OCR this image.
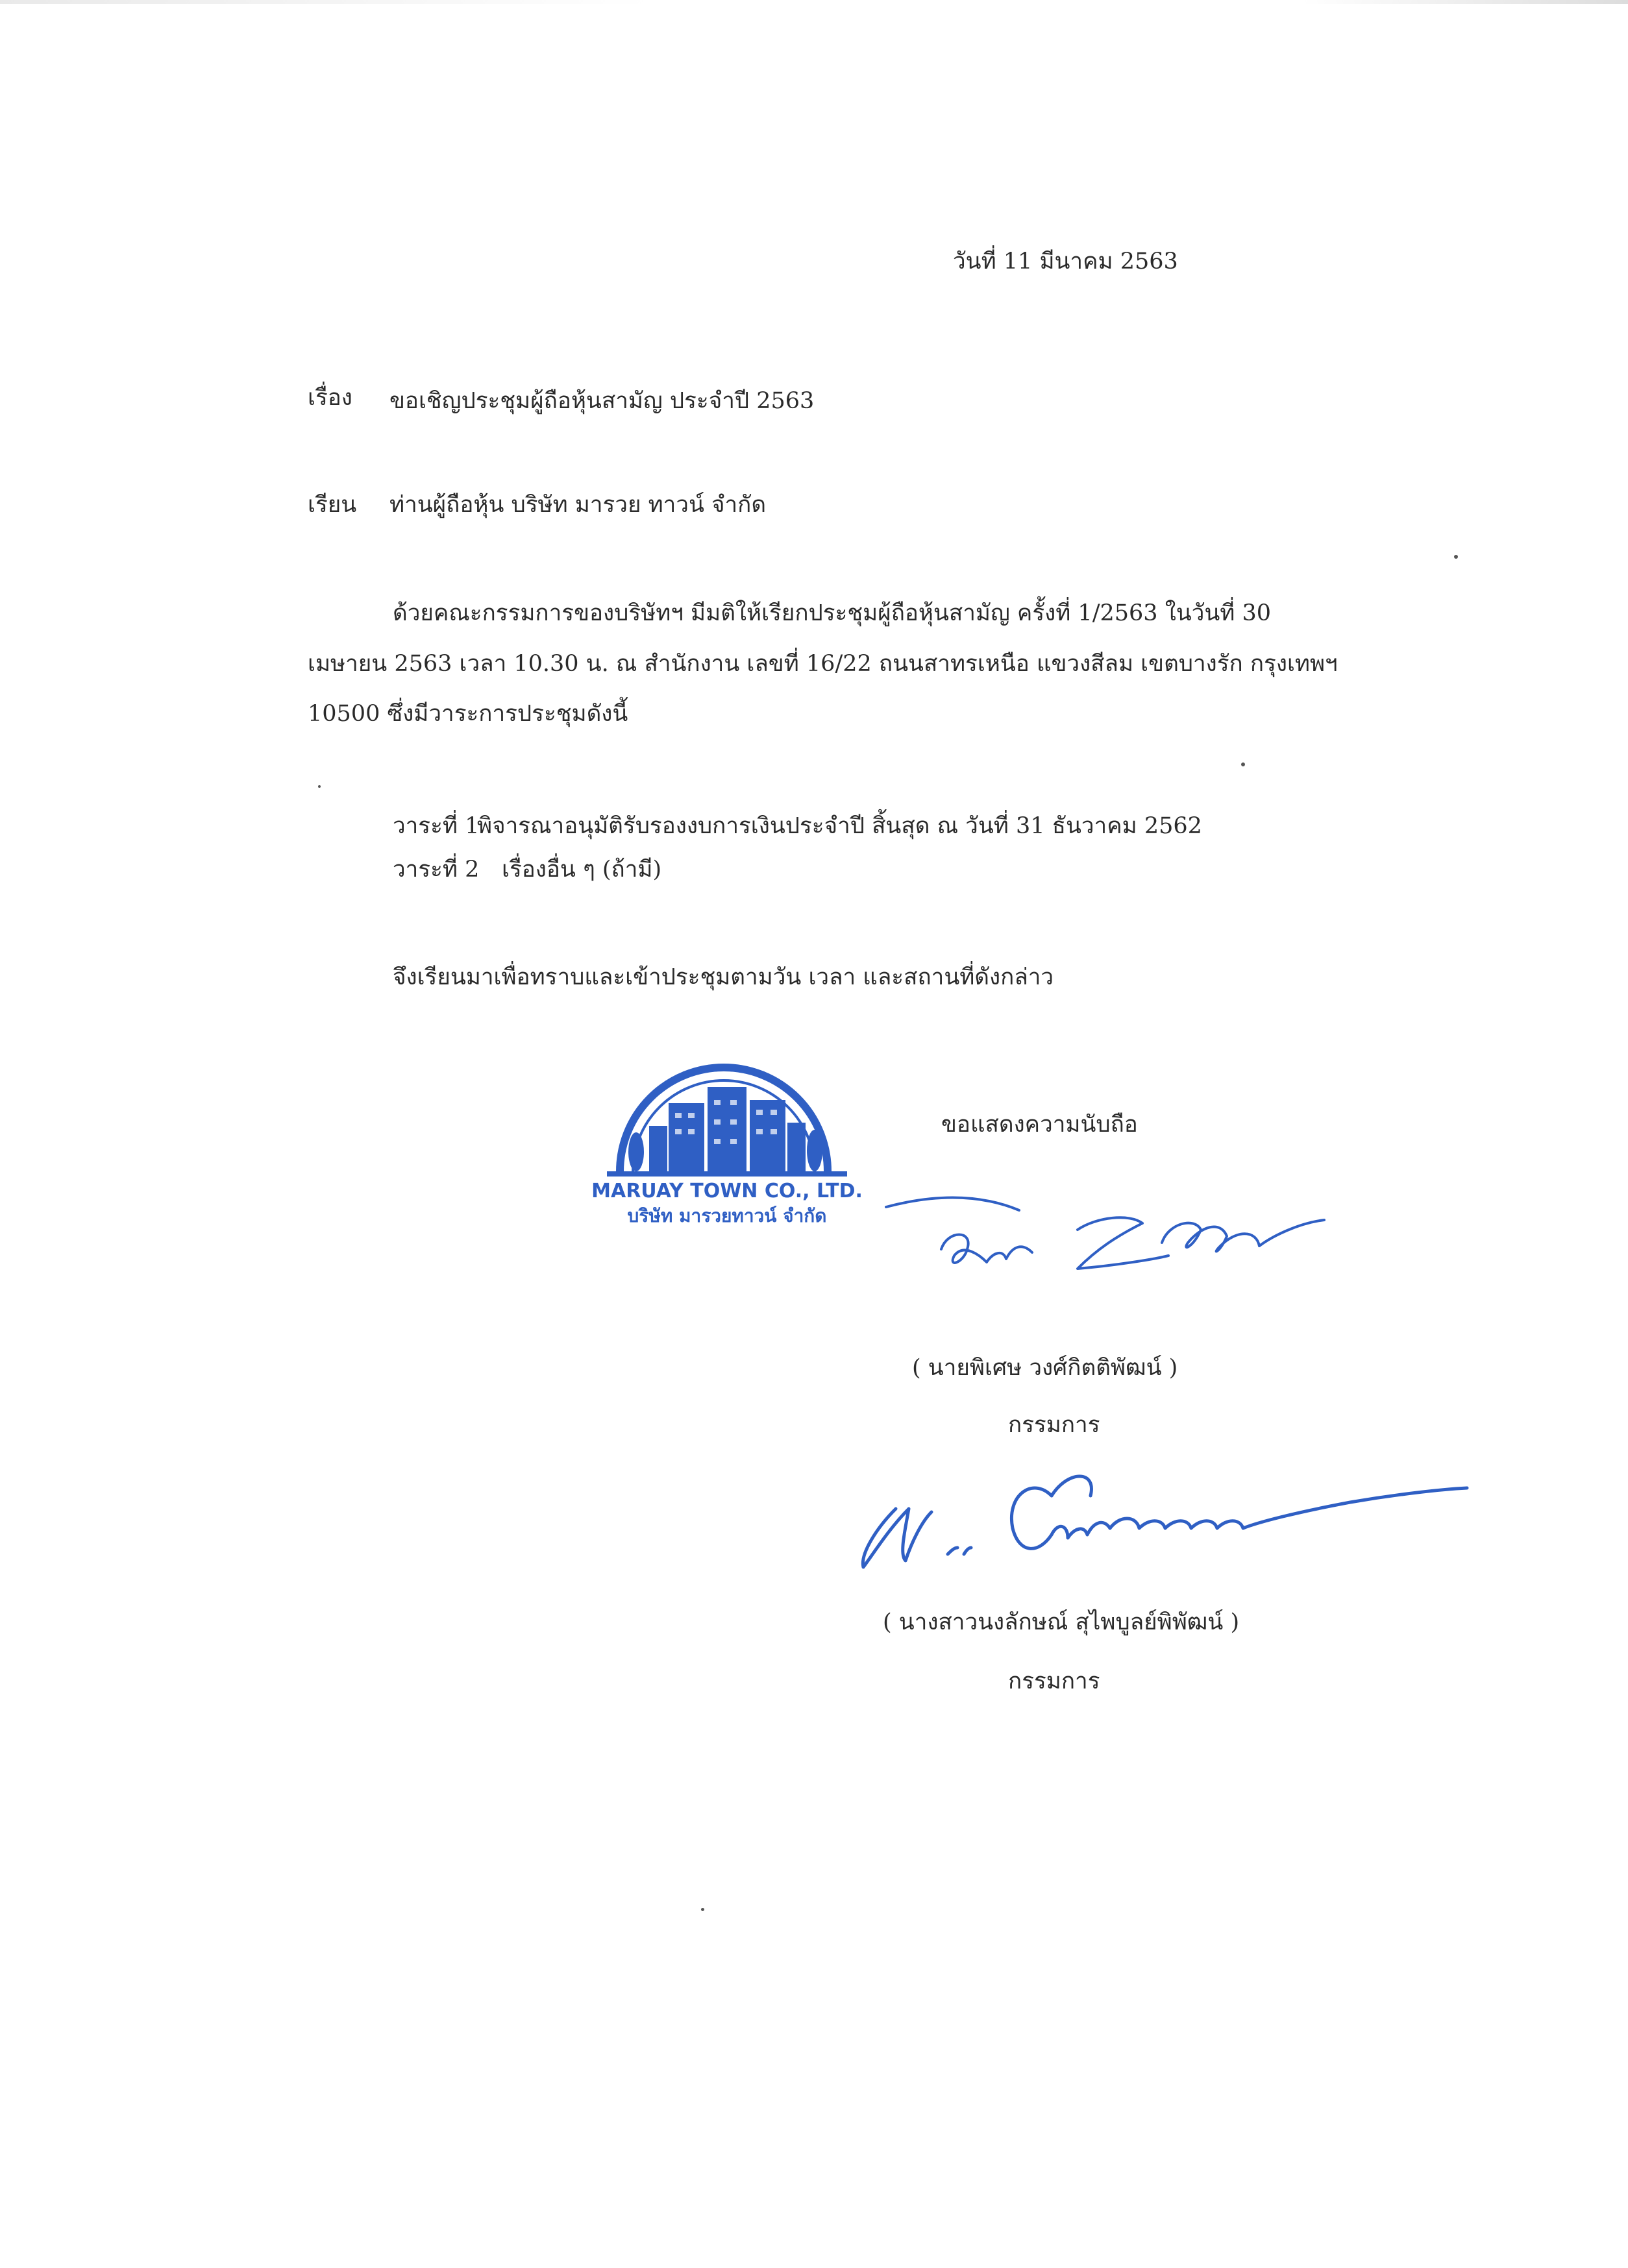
วันที่ 11 มีนาคม 2563
เรื่อง ขอเชิญประชุมผู้ถือหุ้นสามัญ ประจำปี 2563
เรียน ท่านผู้ถือหุ้น บริษัท มารวย ทาวน์ จำกัด
ด้วยคณะกรรมการของบริษัทฯ มีมติให้เรียกประชุมผู้ถือหุ้นสามัญ ครั้งที่ 1/2563 ในวันที่ 30
เมษายน 2563 เวลา 10.30 น. ณ สำนักงาน เลขที่ 16/22 ถนนสาทรเหนือ แขวงสีลม เขตบางรัก กรุงเทพฯ
10500 ซึ่งมีวาระการประชุมดังนี้
วาระที่ 1
พิจารณาอนุมัติรับรองงบการเงินประจำปี สิ้นสุด ณ วันที่ 31 ธันวาคม 2562
วาระที่ 2 เรื่องอื่น ๆ (ถ้ามี)
จึงเรียนมาเพื่อทราบและเข้าประชุมตามวัน เวลา และสถานที่ดังกล่าว
MARUAY TOWN CO., LTD.
บริษัท มารวยทาวน์ จำกัด
ขอแสดงความนับถือ
( นายพิเศษ วงศ์กิตติพัฒน์ )
กรรมการ
( นางสาวนงลักษณ์ สุไพบูลย์พิพัฒน์ )
กรรมการ
